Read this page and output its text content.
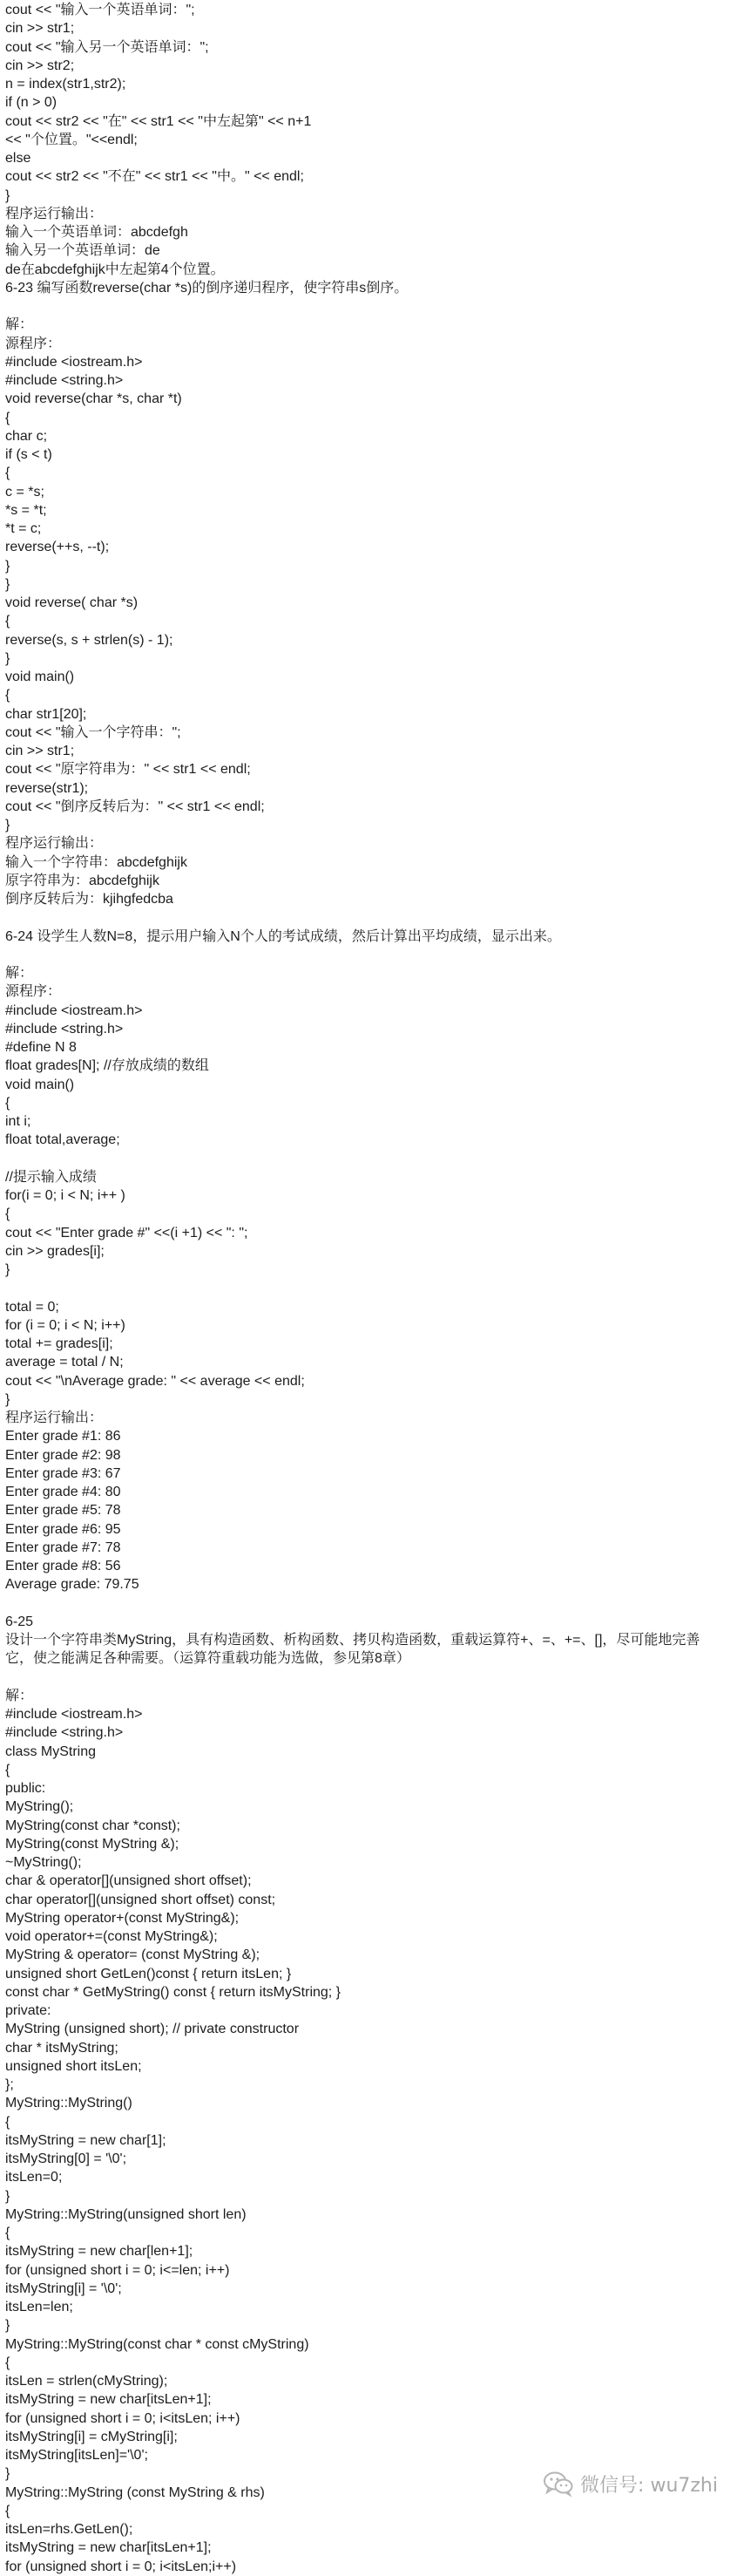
cout << "输入一个英语单词：";
cin >> str1;
cout << "输入另一个英语单词：";
cin >> str2;
n = index(str1,str2);
if (n > 0)
cout << str2 << "在" << str1 << "中左起第" << n+1
<< "个位置。"<<endl;
else
cout << str2 << "不在" << str1 << "中。" << endl;
}
程序运行输出：
输入一个英语单词：abcdefgh
输入另一个英语单词：de
de在abcdefghijk中左起第4个位置。
6-23 编写函数reverse(char *s)的倒序递归程序，使字符串s倒序。
解：
源程序：
#include <iostream.h>
#include <string.h>
void reverse(char *s, char *t)
{
char c;
if (s < t)
{
c = *s;
*s = *t;
*t = c;
reverse(++s, --t);
}
}
void reverse( char *s)
{
reverse(s, s + strlen(s) - 1);
}
void main()
{
char str1[20];
cout << "输入一个字符串：";
cin >> str1;
cout << "原字符串为：" << str1 << endl;
reverse(str1);
cout << "倒序反转后为：" << str1 << endl;
}
程序运行输出：
输入一个字符串：abcdefghijk
原字符串为：abcdefghijk
倒序反转后为：kjihgfedcba
6-24 设学生人数N=8，提示用户输入N个人的考试成绩，然后计算出平均成绩，显示出来。
解：
源程序：
#include <iostream.h>
#include <string.h>
#define N 8
float grades[N]; //存放成绩的数组
void main()
{
int i;
float total,average;
//提示输入成绩
for(i = 0; i < N; i++ )
{
cout << "Enter grade #" <<(i +1) << ": ";
cin >> grades[i];
}
total = 0;
for (i = 0; i < N; i++)
total += grades[i];
average = total / N;
cout << "\nAverage grade: " << average << endl;
}
程序运行输出：
Enter grade #1: 86
Enter grade #2: 98
Enter grade #3: 67
Enter grade #4: 80
Enter grade #5: 78
Enter grade #6: 95
Enter grade #7: 78
Enter grade #8: 56
Average grade: 79.75
6-25
设计一个字符串类MyString，具有构造函数、析构函数、拷贝构造函数，重载运算符+、=、+=、[]，尽可能地完善
它，使之能满足各种需要。（运算符重载功能为选做，参见第8章）
解：
#include <iostream.h>
#include <string.h>
class MyString
{
public:
MyString();
MyString(const char *const);
MyString(const MyString &);
~MyString();
char & operator[](unsigned short offset);
char operator[](unsigned short offset) const;
MyString operator+(const MyString&);
void operator+=(const MyString&);
MyString & operator= (const MyString &);
unsigned short GetLen()const { return itsLen; }
const char * GetMyString() const { return itsMyString; }
private:
MyString (unsigned short); // private constructor
char * itsMyString;
unsigned short itsLen;
};
MyString::MyString()
{
itsMyString = new char[1];
itsMyString[0] = '\0';
itsLen=0;
}
MyString::MyString(unsigned short len)
{
itsMyString = new char[len+1];
for (unsigned short i = 0; i<=len; i++)
itsMyString[i] = '\0';
itsLen=len;
}
MyString::MyString(const char * const cMyString)
{
itsLen = strlen(cMyString);
itsMyString = new char[itsLen+1];
for (unsigned short i = 0; i<itsLen; i++)
itsMyString[i] = cMyString[i];
itsMyString[itsLen]='\0';
}
MyString::MyString (const MyString & rhs)
{
itsLen=rhs.GetLen();
itsMyString = new char[itsLen+1];
for (unsigned short i = 0; i<itsLen;i++)
微信号: wu7zhi
